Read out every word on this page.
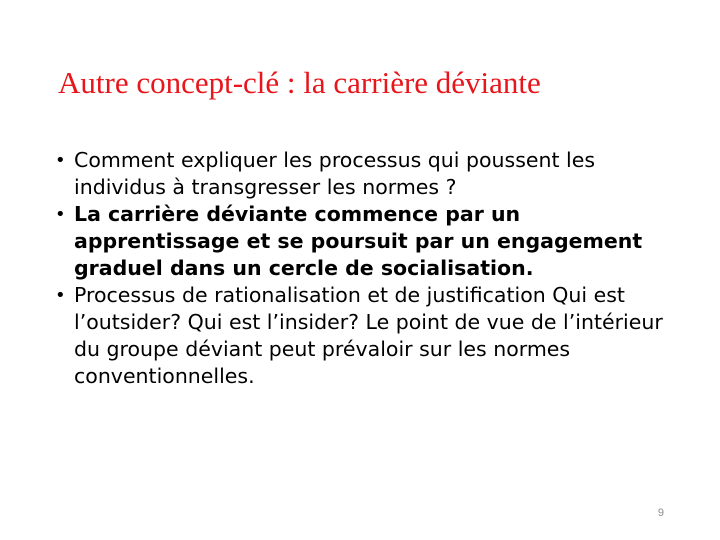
Autre concept-clé : la carrière déviante
• Comment expliquer les processus qui poussent les individus à transgresser les normes ?
• La carrière déviante commence par un apprentissage et se poursuit par un engagement graduel dans un cercle de socialisation.
• Processus de rationalisation et de justification Qui est l’outsider? Qui est l’insider? Le point de vue de l’intérieur du groupe déviant peut prévaloir sur les normes conventionnelles.
9
